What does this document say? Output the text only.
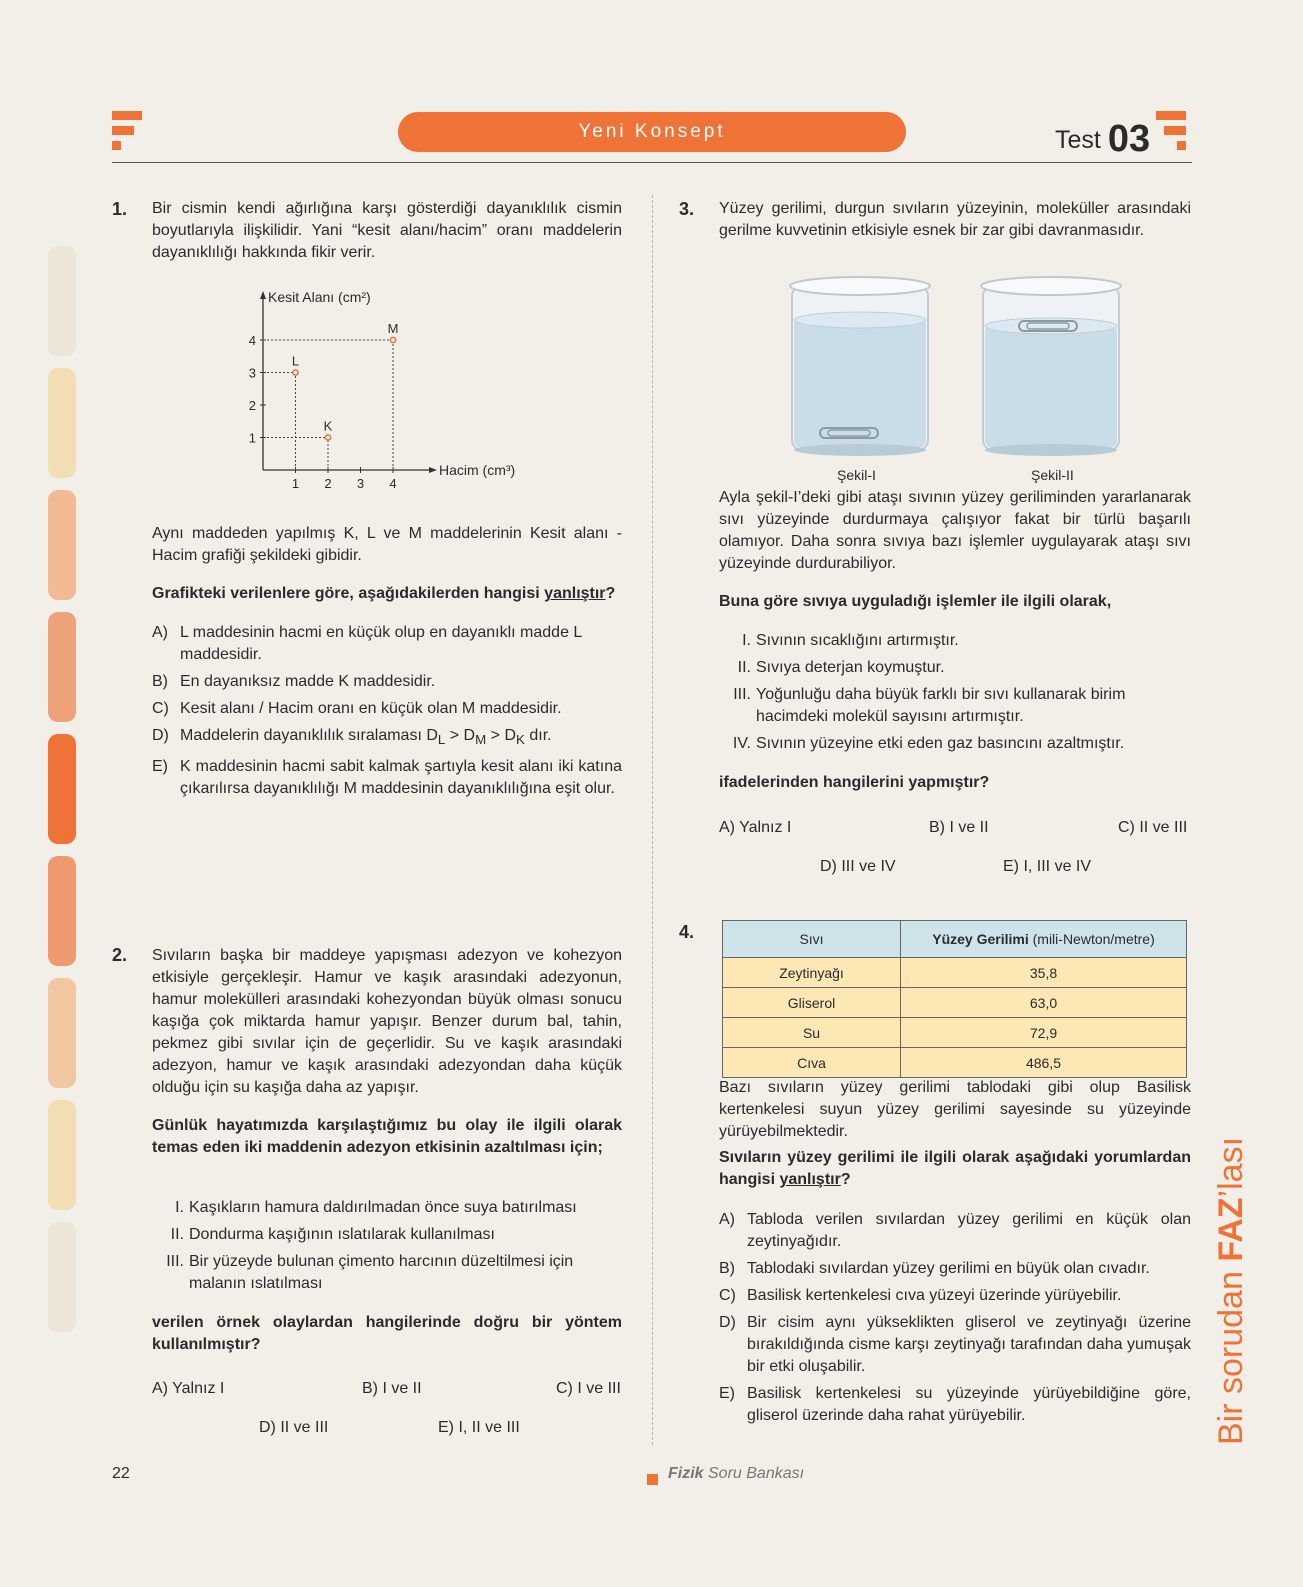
Yeni Konsept	Test 03
1. Bir cismin kendi ağırlığına karşı gösterdiği dayanıklılık cismin boyutlarıyla ilişkilidir. Yani “kesit alanı/hacim” oranı maddelerin dayanıklılığı hakkında fikir verir.
Kesit Alanı (cm²)
Hacim (cm³)
1 2 3 4
1
2
3
4
K
L
M
Aynı maddeden yapılmış K, L ve M maddelerinin Kesit alanı - Hacim grafiği şekildeki gibidir.
Grafikteki verilenlere göre, aşağıdakilerden hangisi yanlıştır?
A) L maddesinin hacmi en küçük olup en dayanıklı madde L maddesidir.
B) En dayanıksız madde K maddesidir.
C) Kesit alanı / Hacim oranı en küçük olan M maddesidir.
D) Maddelerin dayanıklılık sıralaması $D_L > D_M > D_K$ dır.
E) K maddesinin hacmi sabit kalmak şartıyla kesit alanı iki katına çıkarılırsa dayanıklılığı M maddesinin dayanıklılığına eşit olur.
2. Sıvıların başka bir maddeye yapışması adezyon ve kohezyon etkisiyle gerçekleşir. Hamur ve kaşık arasındaki adezyonun, hamur molekülleri arasındaki kohezyondan büyük olması sonucu kaşığa çok miktarda hamur yapışır. Benzer durum bal, tahin, pekmez gibi sıvılar için de geçerlidir. Su ve kaşık arasındaki adezyon, hamur ve kaşık arasındaki adezyondan daha küçük olduğu için su kaşığa daha az yapışır.
Günlük hayatımızda karşılaştığımız bu olay ile ilgili olarak temas eden iki maddenin adezyon etkisinin azaltılması için;
I. Kaşıkların hamura daldırılmadan önce suya batırılması
II. Dondurma kaşığının ıslatılarak kullanılması
III. Bir yüzeyde bulunan çimento harcının düzeltilmesi için malanın ıslatılması
verilen örnek olaylardan hangilerinde doğru bir yöntem kullanılmıştır?
A) Yalnız I	B) I ve II	C) I ve III
D) II ve III	E) I, II ve III
3. Yüzey gerilimi, durgun sıvıların yüzeyinin, moleküller arasındaki gerilme kuvvetinin etkisiyle esnek bir zar gibi davranmasıdır.
Şekil-I	Şekil-II
Ayla şekil-I’deki gibi ataşı sıvının yüzey geriliminden yararlanarak sıvı yüzeyinde durdurmaya çalışıyor fakat bir türlü başarılı olamıyor. Daha sonra sıvıya bazı işlemler uygulayarak ataşı sıvı yüzeyinde durdurabiliyor.
Buna göre sıvıya uyguladığı işlemler ile ilgili olarak,
I. Sıvının sıcaklığını artırmıştır.
II. Sıvıya deterjan koymuştur.
III. Yoğunluğu daha büyük farklı bir sıvı kullanarak birim hacimdeki molekül sayısını artırmıştır.
IV. Sıvının yüzeyine etki eden gaz basıncını azaltmıştır.
ifadelerinden hangilerini yapmıştır?
A) Yalnız I	B) I ve II	C) II ve III
D) III ve IV	E) I, III ve IV
4.	Sıvı	Yüzey Gerilimi (mili-Newton/metre)
Zeytinyağı	35,8
Gliserol	63,0
Su	72,9
Cıva	486,5
Bazı sıvıların yüzey gerilimi tablodaki gibi olup Basilisk kertenkelesi suyun yüzey gerilimi sayesinde su yüzeyinde yürüyebilmektedir.
Sıvıların yüzey gerilimi ile ilgili olarak aşağıdaki yorumlardan hangisi yanlıştır?
A) Tabloda verilen sıvılardan yüzey gerilimi en küçük olan zeytinyağıdır.
B) Tablodaki sıvılardan yüzey gerilimi en büyük olan cıvadır.
C) Basilisk kertenkelesi cıva yüzeyi üzerinde yürüyebilir.
D) Bir cisim aynı yükseklikten gliserol ve zeytinyağı üzerine bırakıldığında cisme karşı zeytinyağı tarafından daha yumuşak bir etki oluşabilir.
E) Basilisk kertenkelesi su yüzeyinde yürüyebildiğine göre, gliserol üzerinde daha rahat yürüyebilir.	Bir sorudan FAZ’lası
22	Fizik Soru Bankası
